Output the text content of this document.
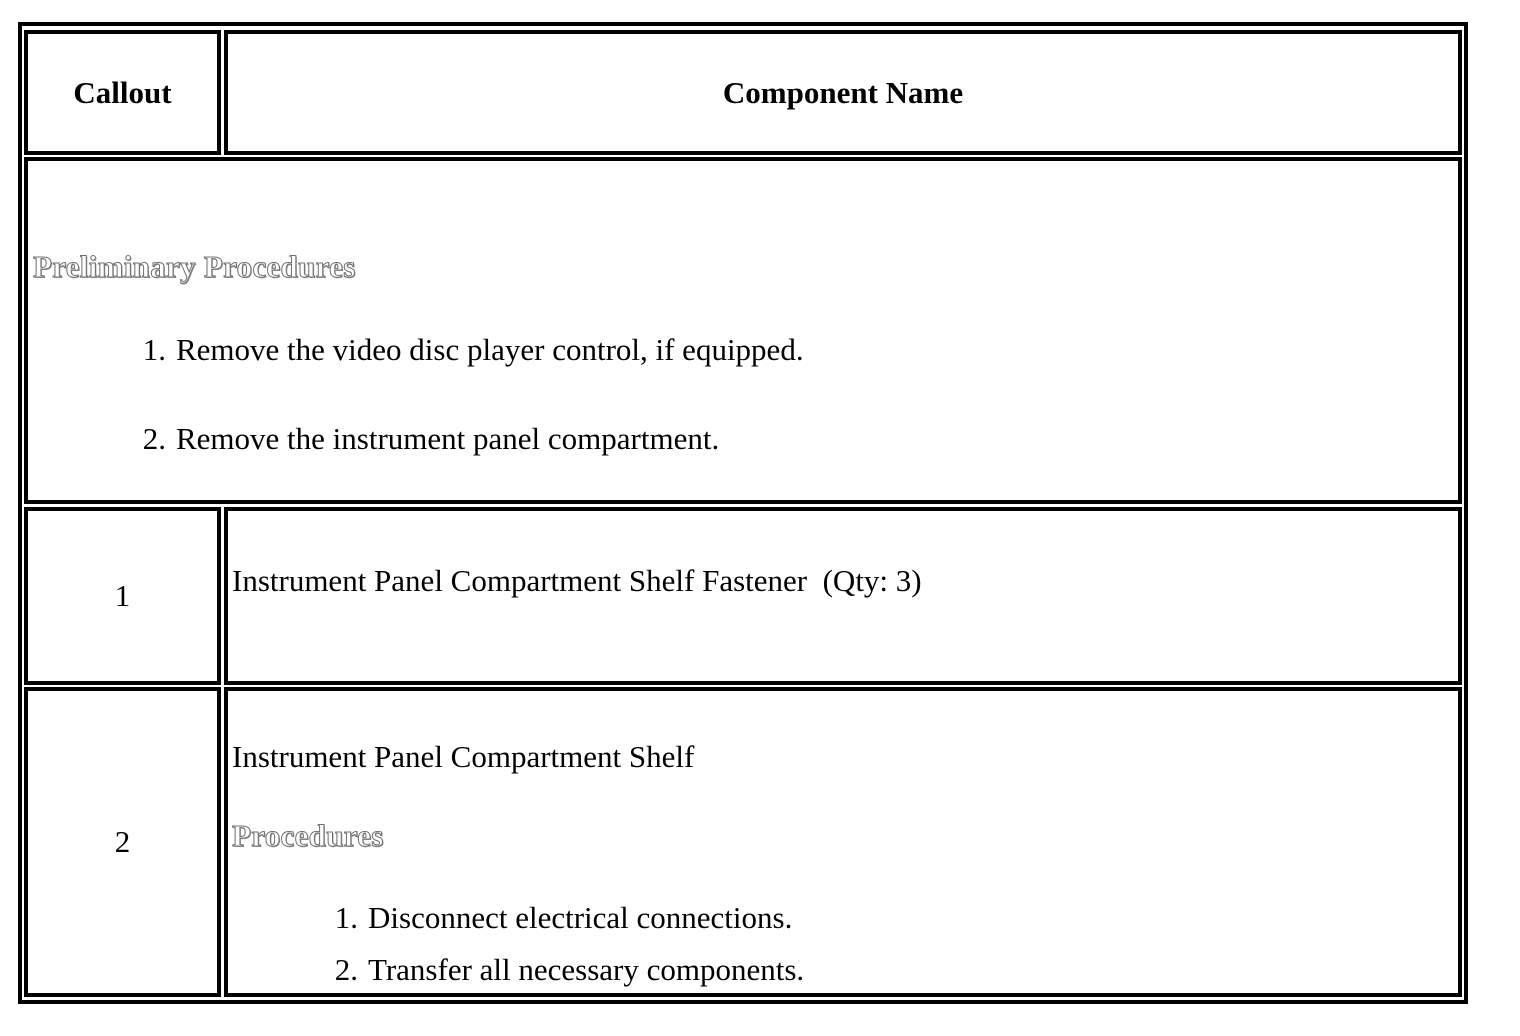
Callout	Component Name
Preliminary Procedures
1. Remove the video disc player control, if equipped.
2. Remove the instrument panel compartment.
1	Instrument Panel Compartment Shelf Fastener  (Qty: 3)
2
Instrument Panel Compartment Shelf
Procedures
1. Disconnect electrical connections.
2. Transfer all necessary components.
